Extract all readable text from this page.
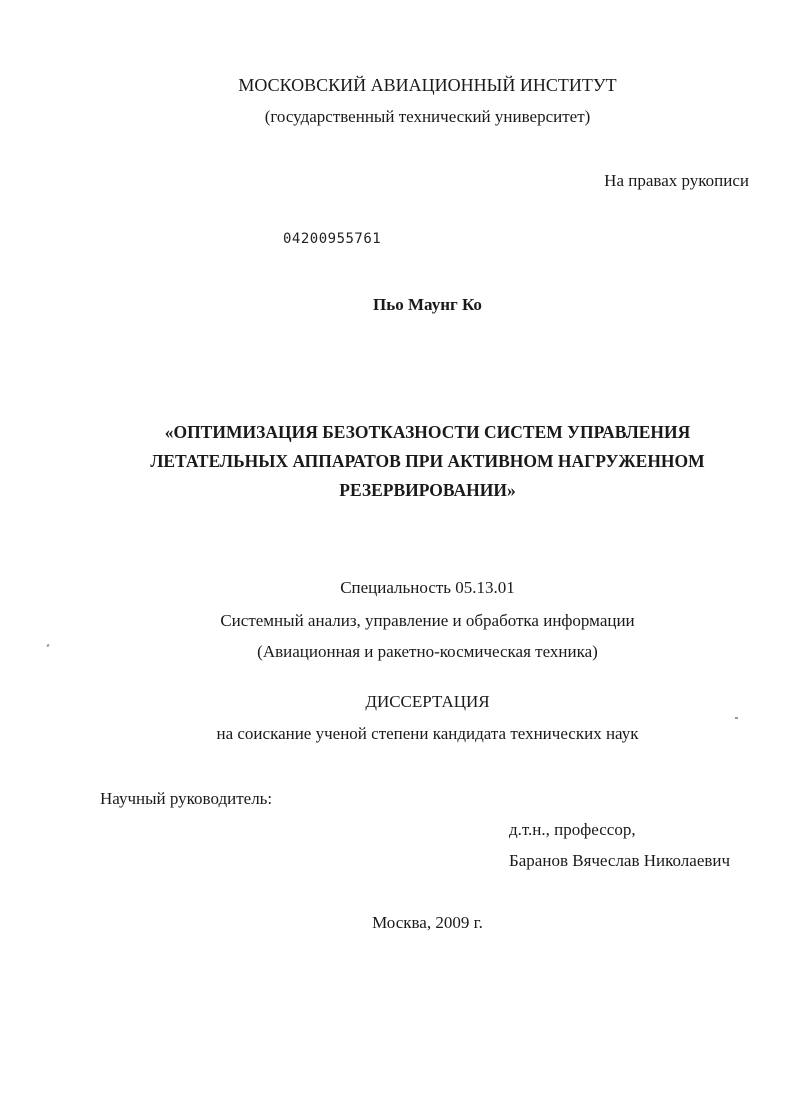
МОСКОВСКИЙ АВИАЦИОННЫЙ ИНСТИТУТ
(государственный технический университет)
На правах рукописи
04200955761
Пьо Маунг Ко
«ОПТИМИЗАЦИЯ БЕЗОТКАЗНОСТИ СИСТЕМ УПРАВЛЕНИЯ
ЛЕТАТЕЛЬНЫХ АППАРАТОВ ПРИ АКТИВНОМ НАГРУЖЕННОМ
РЕЗЕРВИРОВАНИИ»
Специальность 05.13.01
Системный анализ, управление и обработка информации
(Авиационная и ракетно-космическая техника)
ДИССЕРТАЦИЯ
на соискание ученой степени кандидата технических наук
Научный руководитель:
д.т.н., профессор,
Баранов Вячеслав Николаевич
Москва, 2009 г.
